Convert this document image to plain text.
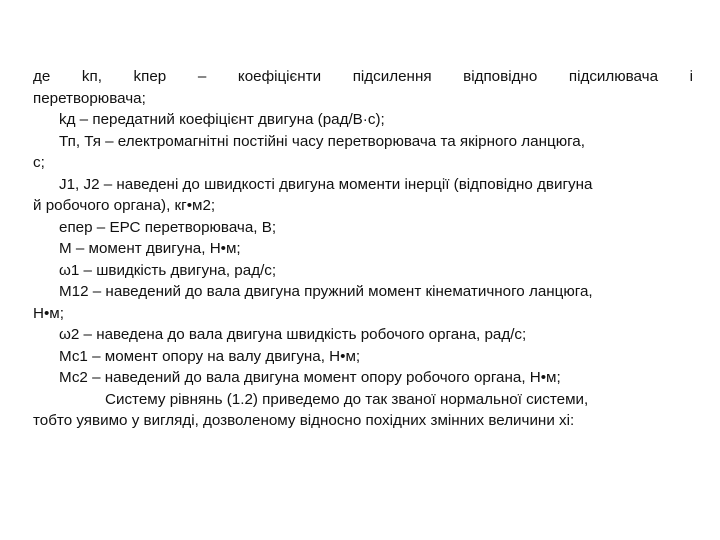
де kп, kпер – коефіцієнти підсилення відповідно підсилювача і
перетворювача;
kд – передатний коефіцієнт двигуна (рад/В·с);
Тп, Тя – електромагнітні постійні часу перетворювача та якірного ланцюга,
с;
J1, J2 – наведені до швидкості двигуна моменти інерції (відповідно двигуна
й робочого органа), кг•м2;
eпер – ЕРС перетворювача, В;
М – момент двигуна, Н•м;
ω1 – швидкість двигуна, рад/с;
М12 – наведений до вала двигуна пружний момент кінематичного ланцюга,
Н•м;
ω2 – наведена до вала двигуна швидкість робочого органа, рад/с;
Мс1 – момент опору на валу двигуна, Н•м;
Мс2 – наведений до вала двигуна момент опору робочого органа, Н•м;
Систему рівнянь (1.2) приведемо до так званої нормальної системи,
тобто уявимо у вигляді, дозволеному відносно похідних змінних величини xi:
